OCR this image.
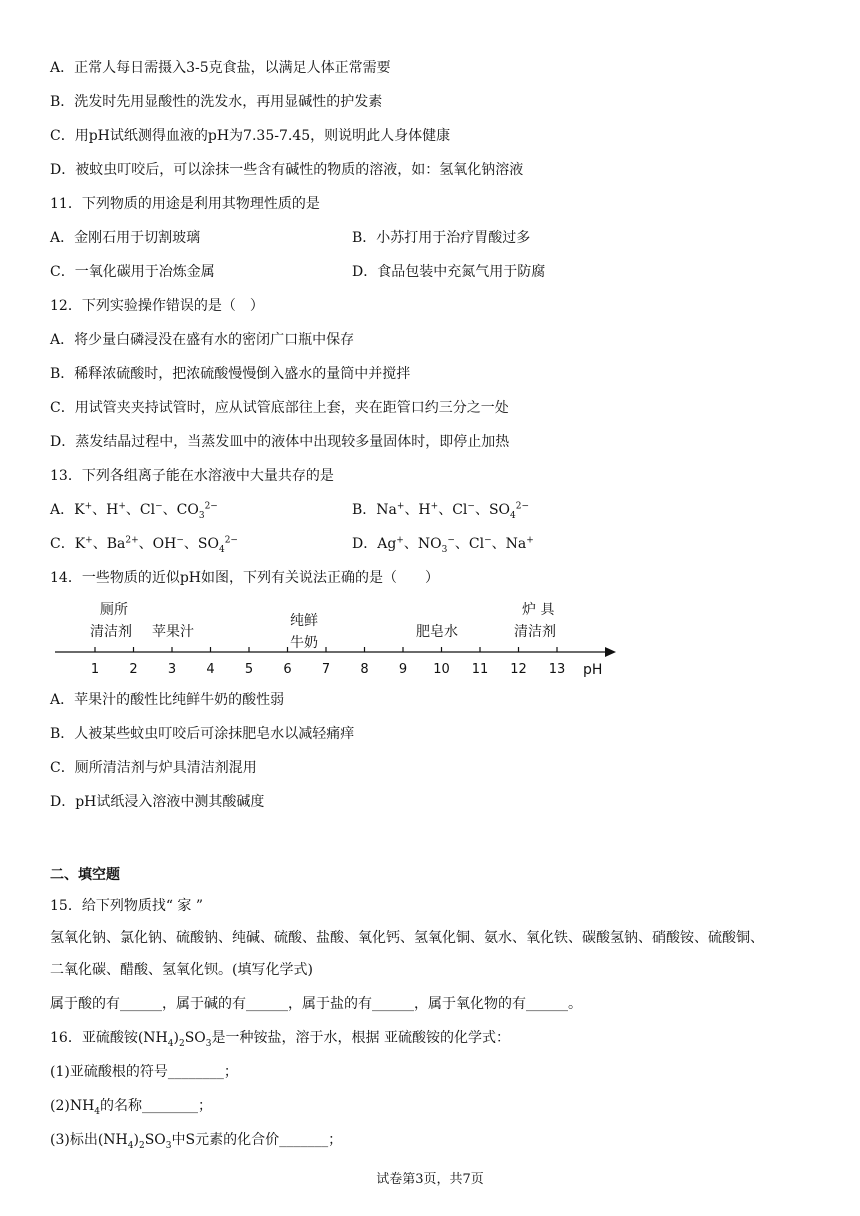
A．正常人每日需摄入3-5克食盐，以满足人体正常需要
B．洗发时先用显酸性的洗发水，再用显碱性的护发素
C．用pH试纸测得血液的pH为7.35-7.45，则说明此人身体健康
D．被蚊虫叮咬后，可以涂抹一些含有碱性的物质的溶液，如：氢氧化钠溶液
11．下列物质的用途是利用其物理性质的是
A．金刚石用于切割玻璃	B．小苏打用于治疗胃酸过多
C．一氧化碳用于冶炼金属	D．食品包装中充氮气用于防腐
12．下列实验操作错误的是（　）
A．将少量白磷浸没在盛有水的密闭广口瓶中保存
B．稀释浓硫酸时，把浓硫酸慢慢倒入盛水的量筒中并搅拌
C．用试管夹夹持试管时，应从试管底部往上套，夹在距管口约三分之一处
D．蒸发结晶过程中，当蒸发皿中的液体中出现较多量固体时，即停止加热
13．下列各组离子能在水溶液中大量共存的是
A．K+、H+、Cl−、$CO_3^{2-}$	B．Na+、H+、Cl−、$SO_4^{2-}$
C．K+、$Ba^{2+}$、OH−、$SO_4^{2-}$	D．Ag+、$NO_3^-$、Cl−、Na+
14．一些物质的近似pH如图，下列有关说法正确的是（　　）
厕所
清洁剂 苹果汁
纯鲜
牛奶
肥皂水
炉 具
清洁剂
1 2 3 4 5 6 7 8 9 10 11 12 13 pH
A．苹果汁的酸性比纯鲜牛奶的酸性弱
B．人被某些蚊虫叮咬后可涂抹肥皂水以减轻痛痒
C．厕所清洁剂与炉具清洁剂混用
D．pH试纸浸入溶液中测其酸碱度
二、填空题
15．给下列物质找“ 家 ”
氢氧化钠、氯化钠、硫酸钠、纯碱、硫酸、盐酸、氧化钙、氢氧化铜、氨水、氧化铁、碳酸氢钠、硝酸铵、硫酸铜、
二氧化碳、醋酸、氢氧化钡。(填写化学式)
属于酸的有______，属于碱的有______，属于盐的有______，属于氧化物的有______。
16．亚硫酸铵$(NH_4)_2SO_3$是一种铵盐，溶于水，根据 亚硫酸铵的化学式：
(1)亚硫酸根的符号________；
$(2)NH_4$的名称________；
(3)标出$(NH_4)_2SO_3$中S元素的化合价_______；
试卷第3页，共7页
